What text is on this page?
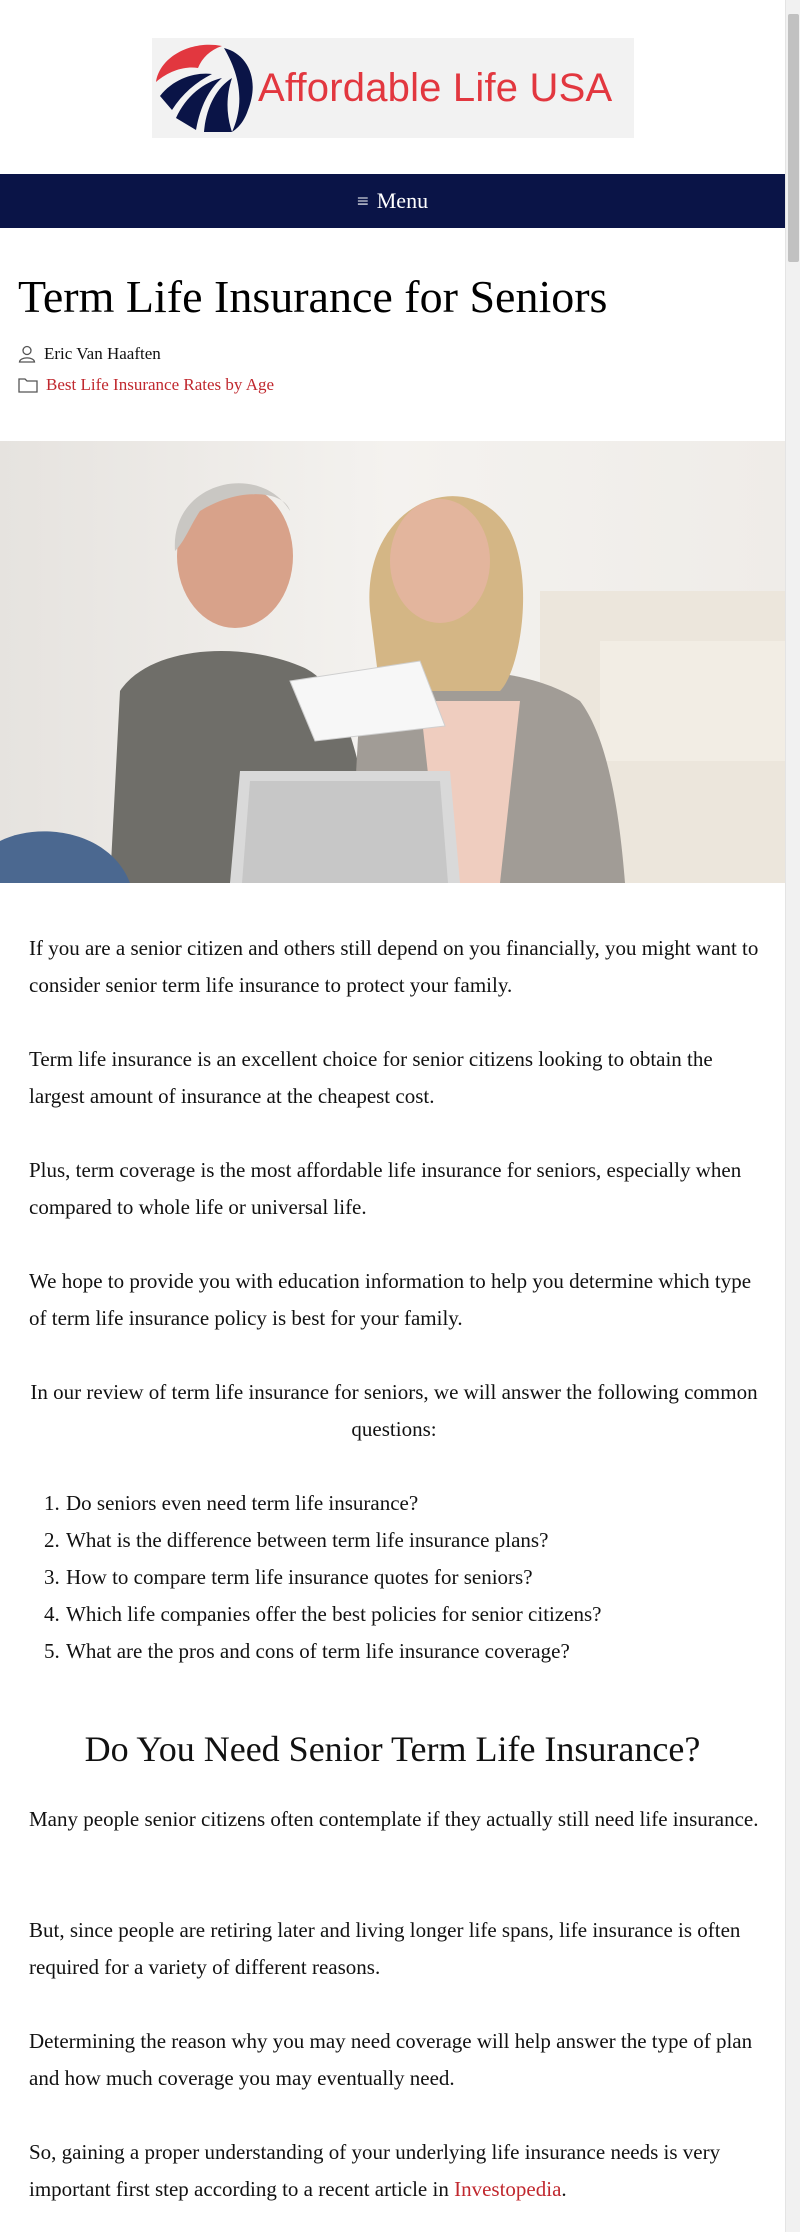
Affordable Life USA
≡ Menu
Term Life Insurance for Seniors
Eric Van Haaften
Best Life Insurance Rates by Age

If you are a senior citizen and others still depend on you financially, you might want to consider senior term life insurance to protect your family.

Term life insurance is an excellent choice for senior citizens looking to obtain the largest amount of insurance at the cheapest cost.

Plus, term coverage is the most affordable life insurance for seniors, especially when compared to whole life or universal life.

We hope to provide you with education information to help you determine which type of term life insurance policy is best for your family.

In our review of term life insurance for seniors, we will answer the following common questions:

1. Do seniors even need term life insurance?
2. What is the difference between term life insurance plans?
3. How to compare term life insurance quotes for seniors?
4. Which life companies offer the best policies for senior citizens?
5. What are the pros and cons of term life insurance coverage?
Do You Need Senior Term Life Insurance?

Many people senior citizens often contemplate if they actually still need life insurance.

But, since people are retiring later and living longer life spans, life insurance is often required for a variety of different reasons.

Determining the reason why you may need coverage will help answer the type of plan and how much coverage you may eventually need.

So, gaining a proper understanding of your underlying life insurance needs is very important first step according to a recent article in Investopedia.
